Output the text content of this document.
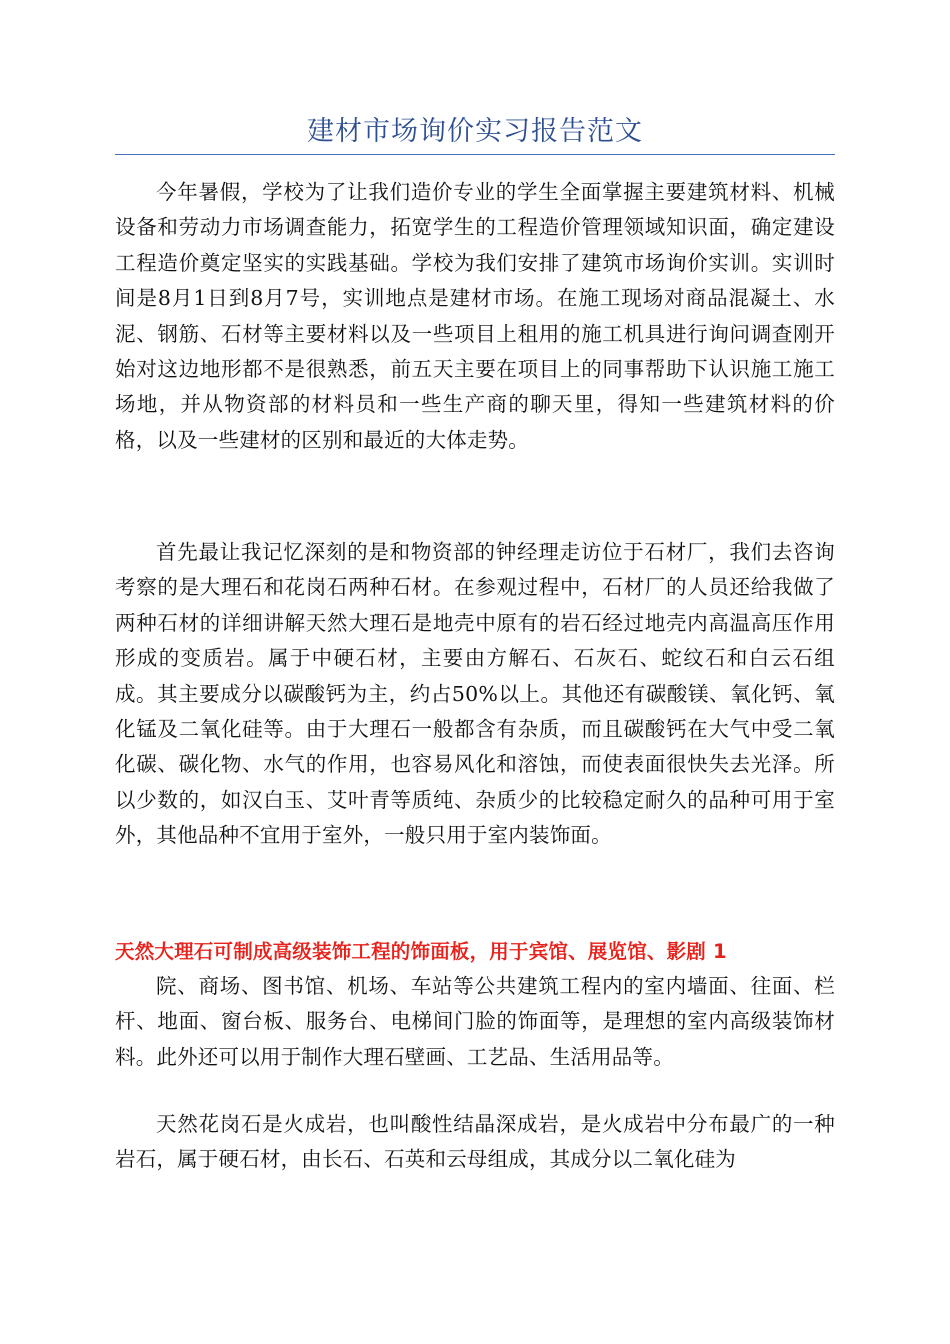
建材市场询价实习报告范文

今年暑假，学校为了让我们造价专业的学生全面掌握主要建筑材料、机械设备和劳动力市场调查能力，拓宽学生的工程造价管理领域知识面，确定建设工程造价奠定坚实的实践基础。学校为我们安排了建筑市场询价实训。实训时间是8月1日到8月7号，实训地点是建材市场。在施工现场对商品混凝土、水泥、钢筋、石材等主要材料以及一些项目上租用的施工机具进行询问调查刚开始对这边地形都不是很熟悉，前五天主要在项目上的同事帮助下认识施工施工场地，并从物资部的材料员和一些生产商的聊天里，得知一些建筑材料的价格，以及一些建材的区别和最近的大体走势。

首先最让我记忆深刻的是和物资部的钟经理走访位于石材厂，我们去咨询考察的是大理石和花岗石两种石材。在参观过程中，石材厂的人员还给我做了两种石材的详细讲解天然大理石是地壳中原有的岩石经过地壳内高温高压作用形成的变质岩。属于中硬石材，主要由方解石、石灰石、蛇纹石和白云石组成。其主要成分以碳酸钙为主，约占50%以上。其他还有碳酸镁、氧化钙、氧化锰及二氧化硅等。由于大理石一般都含有杂质，而且碳酸钙在大气中受二氧化碳、碳化物、水气的作用，也容易风化和溶蚀，而使表面很快失去光泽。所以少数的，如汉白玉、艾叶青等质纯、杂质少的比较稳定耐久的品种可用于室外，其他品种不宜用于室外，一般只用于室内装饰面。

天然大理石可制成高级装饰工程的饰面板，用于宾馆、展览馆、影剧 1

院、商场、图书馆、机场、车站等公共建筑工程内的室内墙面、往面、栏杆、地面、窗台板、服务台、电梯间门脸的饰面等，是理想的室内高级装饰材料。此外还可以用于制作大理石壁画、工艺品、生活用品等。

天然花岗石是火成岩，也叫酸性结晶深成岩，是火成岩中分布最广的一种岩石，属于硬石材，由长石、石英和云母组成，其成分以二氧化硅为
